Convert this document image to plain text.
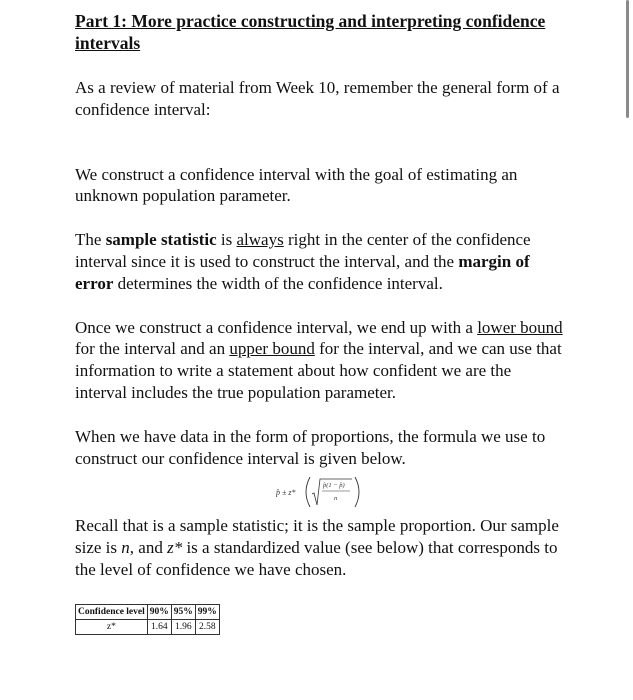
Part 1: More practice constructing and interpreting confidence intervals

As a review of material from Week 10, remember the general form of a confidence interval:

We construct a confidence interval with the goal of estimating an unknown population parameter.

The sample statistic is always right in the center of the confidence interval since it is used to construct the interval, and the margin of error determines the width of the confidence interval.

Once we construct a confidence interval, we end up with a lower bound for the interval and an upper bound for the interval, and we can use that information to write a statement about how confident we are the interval includes the true population parameter.

When we have data in the form of proportions, the formula we use to construct our confidence interval is given below.

p̂ ± z*
p̂(1 − p̂)
n

Recall that is a sample statistic; it is the sample proportion. Our sample size is n, and z* is a standardized value (see below) that corresponds to the level of confidence we have chosen.

Confidence level	90%	95%	99%
z*	1.64	1.96	2.58
